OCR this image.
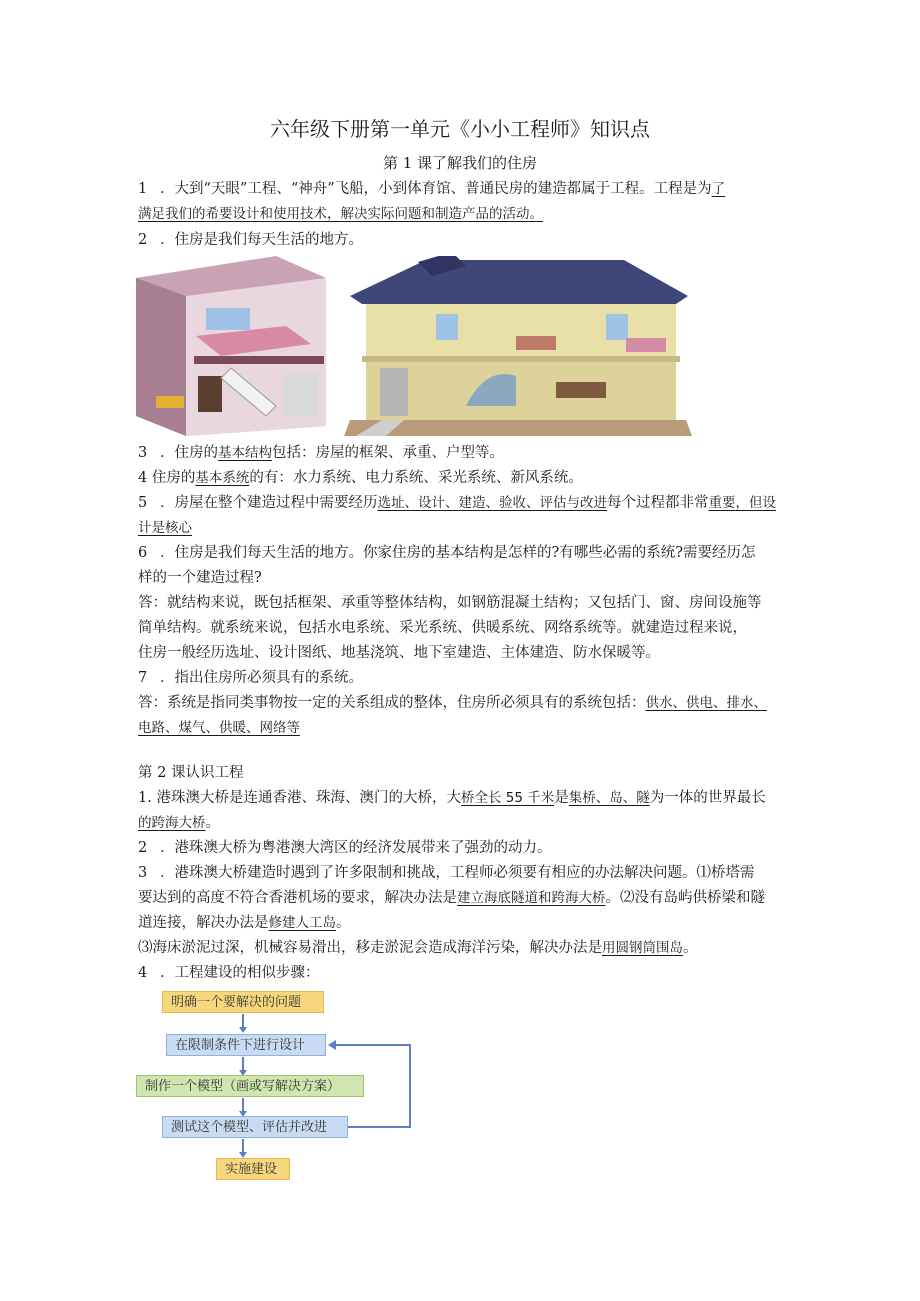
六年级下册第一单元《小小工程师》知识点
第 1 课了解我们的住房
1 ．大到“天眼”工程、“神舟”飞船，小到体育馆、普通民房的建造都属于工程。工程是为了
满足我们的希要设计和使用技术，解决实际问题和制造产品的活动。
2 ．住房是我们每天生活的地方。
3 ．住房的基本结构包括：房屋的框架、承重、户型等。
4 住房的基本系统的有：水力系统、电力系统、采光系统、新风系统。
5 ．房屋在整个建造过程中需要经历选址、设计、建造、验收、评估与改进每个过程都非常重要，但设
计是核心
6 ．住房是我们每天生活的地方。你家住房的基本结构是怎样的?有哪些必需的系统?需要经历怎
样的一个建造过程?
答：就结构来说，既包括框架、承重等整体结构，如钢筋混凝土结构；又包括门、窗、房间设施等
简单结构。就系统来说，包括水电系统、采光系统、供暖系统、网络系统等。就建造过程来说，
住房一般经历选址、设计图纸、地基浇筑、地下室建造、主体建造、防水保暖等。
7 ．指出住房所必须具有的系统。
答：系统是指同类事物按一定的关系组成的整体，住房所必须具有的系统包括：供水、供电、排水、
电路、煤气、供暖、网络等
第 2 课认识工程
1. 港珠澳大桥是连通香港、珠海、澳门的大桥，大桥全长 55 千米是集桥、岛、隧为一体的世界最长
的跨海大桥。
2 ．港珠澳大桥为粤港澳大湾区的经济发展带来了强劲的动力。
3 ．港珠澳大桥建造时遇到了许多限制和挑战，工程师必须要有相应的办法解决问题。⑴桥塔需
要达到的高度不符合香港机场的要求，解决办法是建立海底隧道和跨海大桥。⑵没有岛屿供桥梁和隧
道连接，解决办法是修建人工岛。
⑶海床淤泥过深，机械容易滑出，移走淤泥会造成海洋污染，解决办法是用圆钢筒围岛。
4 ．工程建设的相似步骤：
明确一个要解决的问题
在限制条件下进行设计
制作一个模型（画或写解决方案）
测试这个模型、评估并改进
实施建设
